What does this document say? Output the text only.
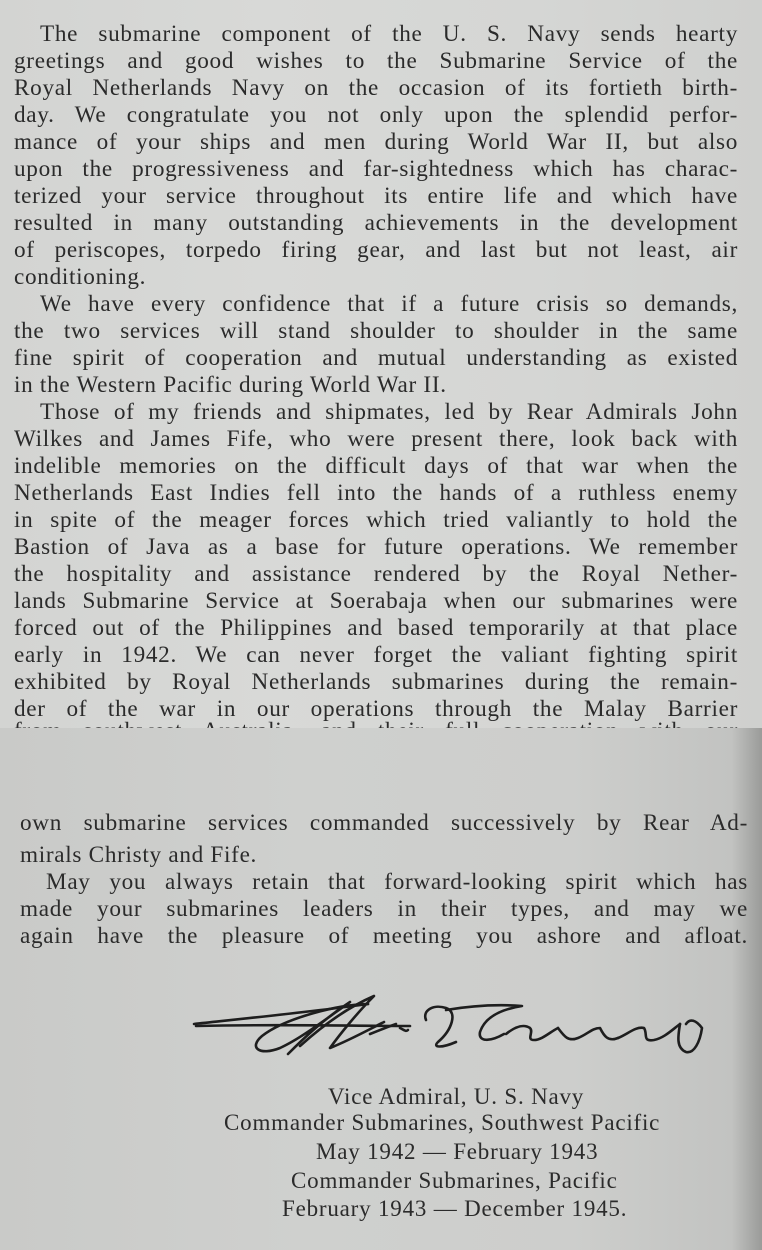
The submarine component of the U. S. Navy sends hearty
greetings and good wishes to the Submarine Service of the
Royal Netherlands Navy on the occasion of its fortieth birth-
day. We congratulate you not only upon the splendid perfor-
mance of your ships and men during World War II, but also
upon the progressiveness and far-sightedness which has charac-
terized your service throughout its entire life and which have
resulted in many outstanding achievements in the development
of periscopes, torpedo firing gear, and last but not least, air
conditioning.
We have every confidence that if a future crisis so demands,
the two services will stand shoulder to shoulder in the same
fine spirit of cooperation and mutual understanding as existed
in the Western Pacific during World War II.
Those of my friends and shipmates, led by Rear Admirals John
Wilkes and James Fife, who were present there, look back with
indelible memories on the difficult days of that war when the
Netherlands East Indies fell into the hands of a ruthless enemy
in spite of the meager forces which tried valiantly to hold the
Bastion of Java as a base for future operations. We remember
the hospitality and assistance rendered by the Royal Nether-
lands Submarine Service at Soerabaja when our submarines were
forced out of the Philippines and based temporarily at that place
early in 1942. We can never forget the valiant fighting spirit
exhibited by Royal Netherlands submarines during the remain-
der of the war in our operations through the Malay Barrier
own submarine services commanded successively by Rear Ad-
mirals Christy and Fife.
May you always retain that forward-looking spirit which has
made your submarines leaders in their types, and may we
again have the pleasure of meeting you ashore and afloat.
Vice Admiral, U. S. Navy
Commander Submarines, Southwest Pacific
May 1942 — February 1943
Commander Submarines, Pacific
February 1943 — December 1945.
